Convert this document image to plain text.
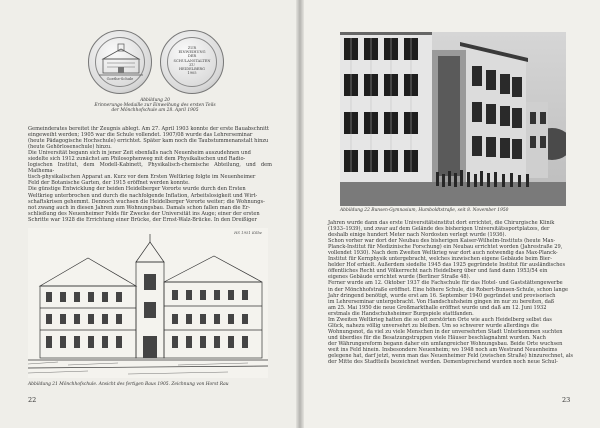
Goethe-Schule
ZUR
EINWEIHUNG
DER
SCHULANSTALTEN
ZU
HEIDELBERG
1905
Abbildung 20
Erinnerungs-Medaille zur Einweihung des ersten Teils
der Mönchhofschule am 28. April 1905

Gemeinderates bereitet ihr Zeugnis ablegt. Am 27. April 1903 konnte der erste Bauabschnitt

eingeweiht werden; 1905 war die Schule vollendet. 1907/08 wurde das Lehrerseminar

(heute Pädagogische Hochschule) errichtet. Später kam noch die Taubstummenanstalt hinzu

(heute Gehörlosenschule) hinzu.

Die Universität begann sich in jener Zeit ebenfalls nach Neuenheim auszudehnen und

siedelte sich 1912 zunächst am Philosophenweg mit dem Physikalischen und Radio-

logischen Institut, dem Modell-Kabinett, Physikalisch-chemische Abteilung, und dem Mathema-

tisch-physikalischen Apparat an. Kurz vor dem Ersten Weltkrieg folgte im Neuenheimer

Feld der Botanische Garten, der 1915 eröffnet werden konnte.

Die günstige Entwicklung der beiden Heidelberger Vororte wurde durch den Ersten

Weltkrieg unterbrochen und durch die nachfolgende Inflation, Arbeitslosigkeit und Wirt-

schaftskrisen gehemmt. Dennoch wuchsen die Heidelberger Vororte weiter; die Wohnungs-

not zwang auch in diesen Jahren zum Wohnungsbau. Damals schon fallen man die Er-

schließung des Neuenheimer Felds für Zwecke der Universität ins Auge; einer der ersten

Schritte war 1928 die Errichtung einer Brücke, der Ernst-Walz-Brücke. In den Dreißiger

HS 1951 Kilbe
Abbildung 21 Mönchhofschule. Ansicht des fertigen Baus 1905. Zeichnung von Horst Rau
22
Abbildung 22 Bunsen-Gymnasium, Humboldtstraße, seit 8. November 1950

Jahren wurde dann das erste Universitätsinstitut dort errichtet, die Chirurgische Klinik

(1933–1939), und zwar auf dem Gelände des bisherigen Universitätssportplatzes, der

deshalb einige hundert Meter nach Nordosten verlegt wurde (1936).

Schon vorher war dort der Neubau des bisherigen Kaiser-Wilhelm-Instituts (heute Max-

Planck-Institut für Medizinische Forschung) ein Neubau errichtet worden (Jahrestraße 29,

vollendet 1930). Nach dem Zweiten Weltkrieg war dort auch notwendig das Max-Planck-

Institut für Kernphysik untergebracht, welches inzwischen eigene Gebäude beim Bier-

helder Hof erhielt. Außerdem siedelte 1945 das 1925 gegründete Institut für ausländisches

öffentliches Recht und Völkerrecht nach Heidelberg über und fand dann 1953/54 ein

eigenes Gebäude errichtet wurde (Berliner Straße 48).

Ferner wurde am 12. Oktober 1937 die Fachschule für das Hotel- und Gaststättengewerbe

in der Mönchhofstraße eröffnet. Eine höhere Schule, die Robert-Bunsen-Schule, schon lange

Jahr dringend benötigt, wurde erst am 16. September 1940 gegründet und provisorisch

im Lehrerseminar untergebracht. Von Handschuhsheim gingen im nur zu bereiten, daß

am 25. Mai 1950 die neue Großmarkthalle eröffnet wurde und daß am 12. Juni 1932

erstmals die Handschuhsheimer Burgspiele stattfanden.

Im Zweiten Weltkrieg hatten die so oft zerstörten Orte wie auch Heidelberg selbst das

Glück, nahezu völlig unversehrt zu bleiben. Um so schwerer wurde allerdings die

Wohnungsnot, da viel zu viele Menschen in der unversehrten Stadt Unterkommen suchten

und überdies für die Besatzungstruppen viele Häuser beschlagnahmt wurden. Nach

der Währungsreform begann daher ein umfangreicher Wohnungsbau. Beide Orte wuchsen

weit ins Feld hinein. Insbesondere Neuenheim; wo 1948 noch am Westrand Neuenheims

gelegene hat, darf jetzt, wenn man das Neuenheimer Feld (zwischen Straße) hinzurechnet, als

der Mitte des Stadtteils bezeichnet werden. Dementsprechend wurden noch neue Schul-

23
